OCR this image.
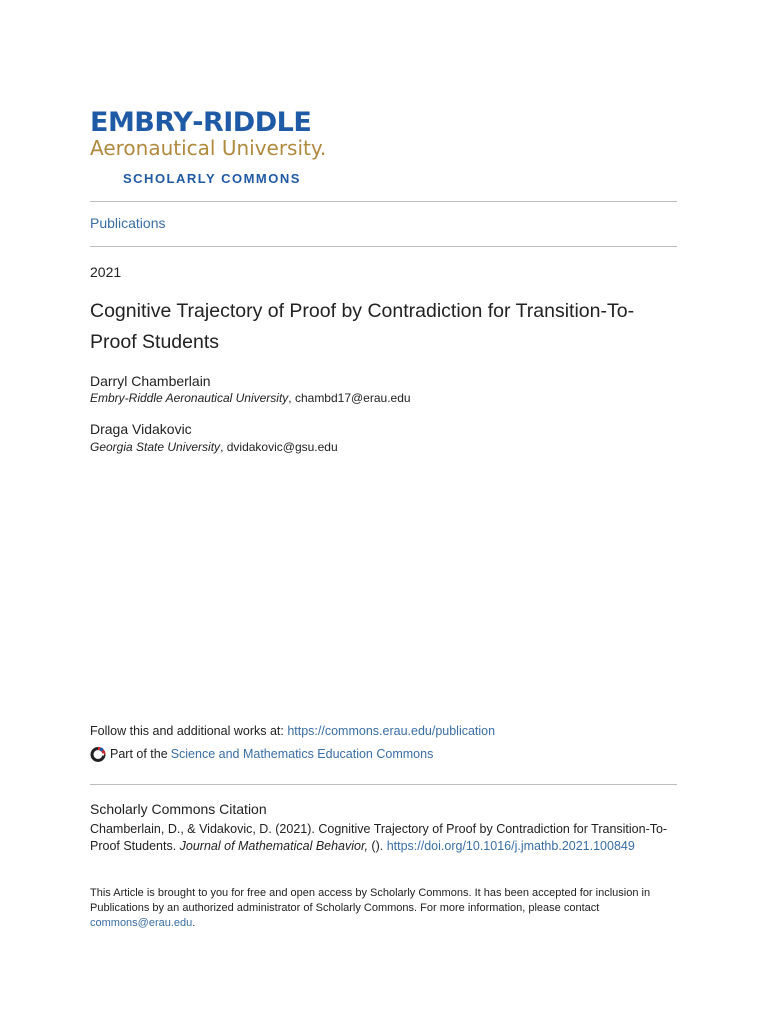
EMBRY‑RIDDLE
Aeronautical University.
SCHOLARLY COMMONS
Publications
2021
Cognitive Trajectory of Proof by Contradiction for Transition-To-Proof Students
Darryl Chamberlain
Embry-Riddle Aeronautical University, chambd17@erau.edu
Draga Vidakovic
Georgia State University, dvidakovic@gsu.edu
Follow this and additional works at: https://commons.erau.edu/publication
Part of the Science and Mathematics Education Commons
Scholarly Commons Citation
Chamberlain, D., & Vidakovic, D. (2021). Cognitive Trajectory of Proof by Contradiction for Transition-To-Proof Students. Journal of Mathematical Behavior, (). https://doi.org/10.1016/j.jmathb.2021.100849
This Article is brought to you for free and open access by Scholarly Commons. It has been accepted for inclusion in Publications by an authorized administrator of Scholarly Commons. For more information, please contact commons@erau.edu.
